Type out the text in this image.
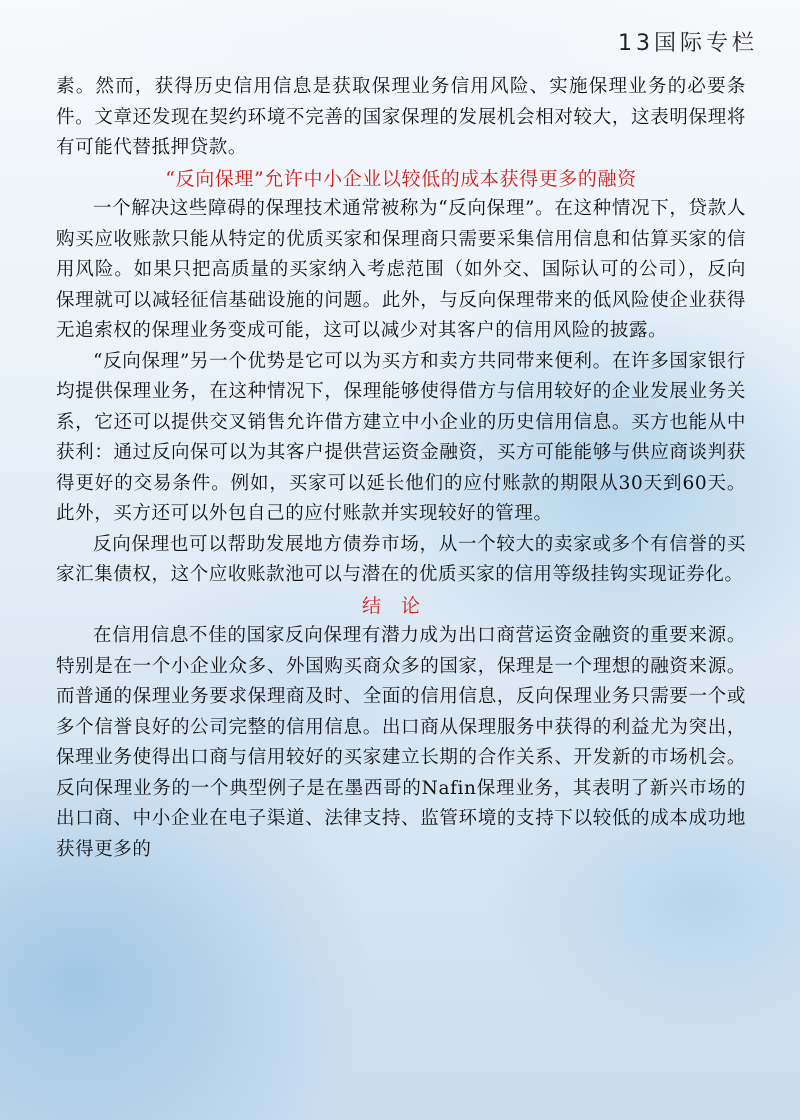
13国际专栏

素。然而，获得历史信用信息是获取保理业务信用风险、实施保理业务的必要条件。文章还发现在契约环境不完善的国家保理的发展机会相对较大，这表明保理将有可能代替抵押贷款。

“反向保理”允许中小企业以较低的成本获得更多的融资

一个解决这些障碍的保理技术通常被称为“反向保理”。在这种情况下，贷款人购买应收账款只能从特定的优质买家和保理商只需要采集信用信息和估算买家的信用风险。如果只把高质量的买家纳入考虑范围（如外交、国际认可的公司），反向保理就可以减轻征信基础设施的问题。此外，与反向保理带来的低风险使企业获得无追索权的保理业务变成可能，这可以减少对其客户的信用风险的披露。

“反向保理”另一个优势是它可以为买方和卖方共同带来便利。在许多国家银行均提供保理业务，在这种情况下，保理能够使得借方与信用较好的企业发展业务关系，它还可以提供交叉销售允许借方建立中小企业的历史信用信息。买方也能从中获利：通过反向保可以为其客户提供营运资金融资，买方可能能够与供应商谈判获得更好的交易条件。例如，买家可以延长他们的应付账款的期限从30天到60天。此外，买方还可以外包自己的应付账款并实现较好的管理。

反向保理也可以帮助发展地方债券市场，从一个较大的卖家或多个有信誉的买家汇集债权，这个应收账款池可以与潜在的优质买家的信用等级挂钩实现证券化。

结论

在信用信息不佳的国家反向保理有潜力成为出口商营运资金融资的重要来源。特别是在一个小企业众多、外国购买商众多的国家，保理是一个理想的融资来源。而普通的保理业务要求保理商及时、全面的信用信息，反向保理业务只需要一个或多个信誉良好的公司完整的信用信息。出口商从保理服务中获得的利益尤为突出，保理业务使得出口商与信用较好的买家建立长期的合作关系、开发新的市场机会。反向保理业务的一个典型例子是在墨西哥的Nafin保理业务，其表明了新兴市场的出口商、中小企业在电子渠道、法律支持、监管环境的支持下以较低的成本成功地获得更多的
